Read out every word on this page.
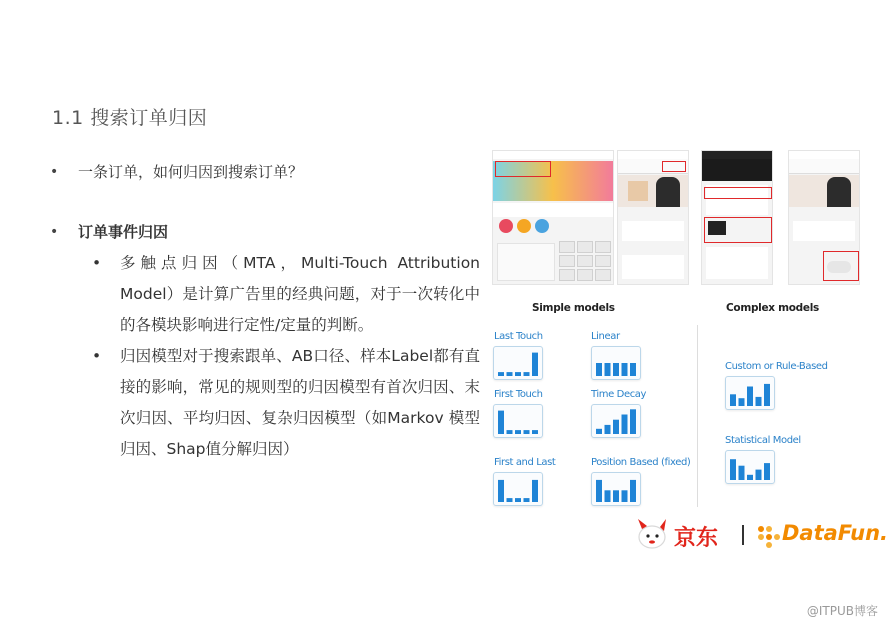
1.1 搜索订单归因
• 一条订单，如何归因到搜索订单？
• 订单事件归因
• 多触点归因（MTA，Multi-Touch Attribution Model）是计算广告里的经典问题，对于一次转化中的各模块影响进行定性/定量的判断。
• 归因模型对于搜索跟单、AB口径、样本Label都有直接的影响，常见的规则型的归因模型有首次归因、末次归因、平均归因、复杂归因模型（如Markov 模型归因、Shap值分解归因）
Simple models	Complex models
Last Touch	Linear
First Touch	Time Decay
First and Last	Position Based (fixed)
Custom or Rule-Based
Statistical Model
京东	DataFun.
@ITPUB博客
